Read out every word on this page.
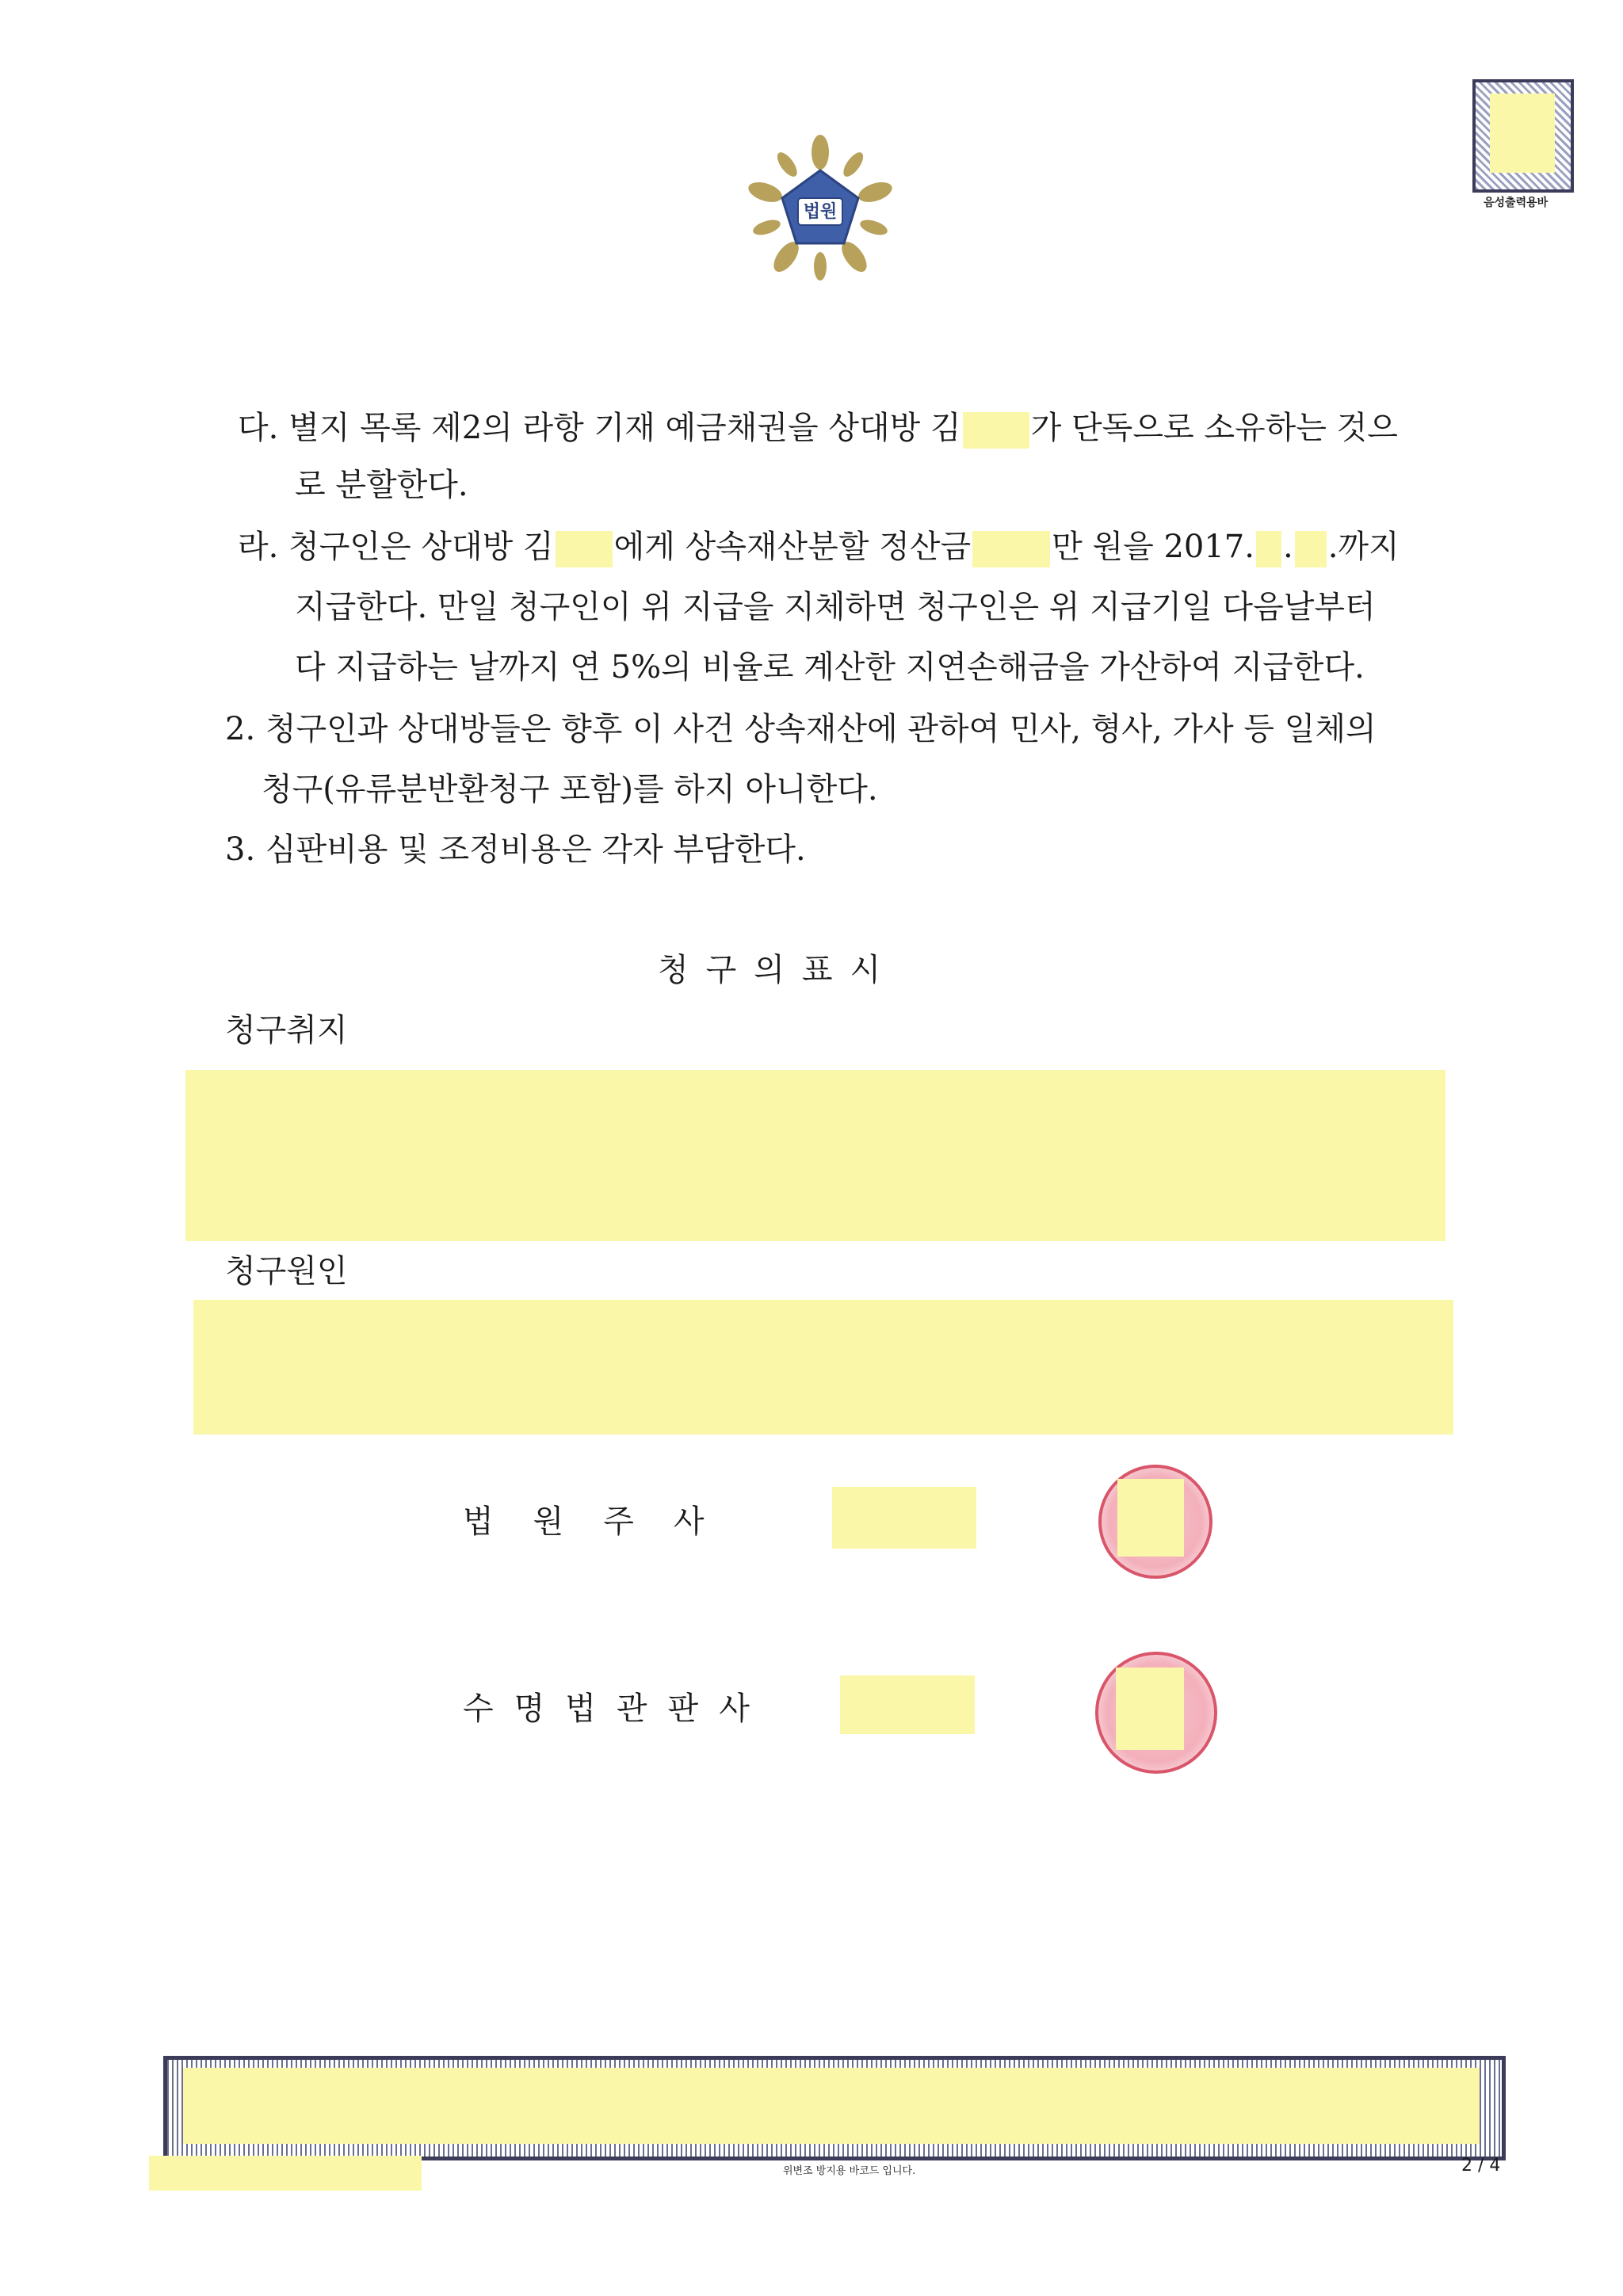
법원	음성출력용바
다. 별지 목록 제2의 라항 기재 예금채권을 상대방 김 가 단독으로 소유하는 것으
로 분할한다.
라. 청구인은 상대방 김 에게 상속재산분할 정산금	만 원을 2017. . .까지
지급한다. 만일 청구인이 위 지급을 지체하면 청구인은 위 지급기일 다음날부터
다 지급하는 날까지 연 5%의 비율로 계산한 지연손해금을 가산하여 지급한다.
2. 청구인과 상대방들은 향후 이 사건 상속재산에 관하여 민사, 형사, 가사 등 일체의
청구(유류분반환청구 포함)를 하지 아니한다.
3. 심판비용 및 조정비용은 각자 부담한다.
청구의표시
청구취지
청구원인
법원주사
수명법관판사
위변조 방지용 바코드 입니다.	2 / 4
